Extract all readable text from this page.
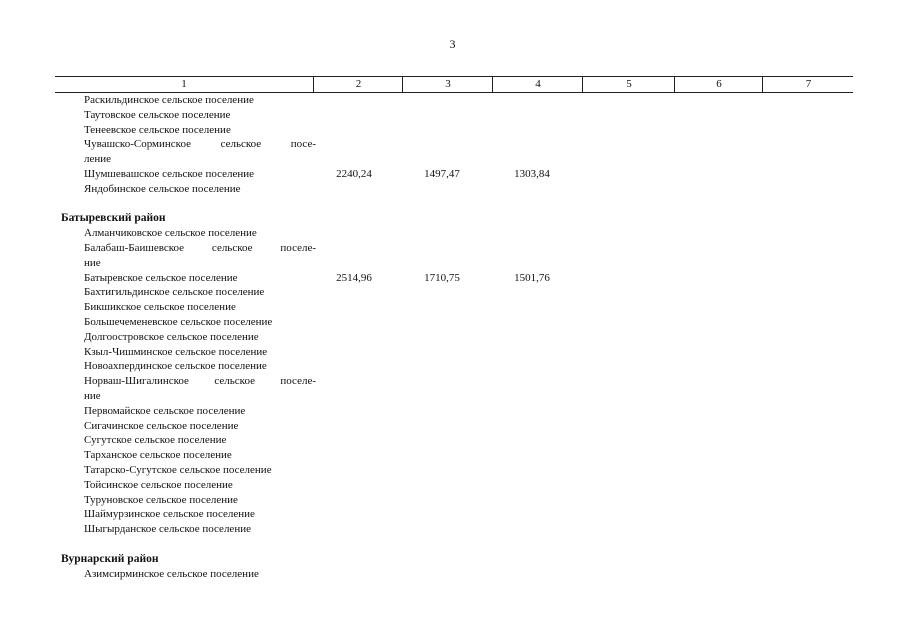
3
1	2	3	4	5	6	7
Раскильдинское сельское поселение
Таутовское сельское поселение
Тенеевское сельское поселение
Чувашско-Сорминское сельское посе-
ление
Шумшевашское сельское поселение	2240,24	1497,47	1303,84
Яндобинское сельское поселение
Батыревский район
Алманчиковское сельское поселение
Балабаш-Баишевское сельское поселе-
ние
Батыревское сельское поселение	2514,96	1710,75	1501,76
Бахтигильдинское сельское поселение
Бикшикское сельское поселение
Большечеменевское сельское поселение
Долгоостровское сельское поселение
Кзыл-Чишминское сельское поселение
Новоахпердинское сельское поселение
Норваш-Шигалинское сельское поселе-
ние
Первомайское сельское поселение
Сигачинское сельское поселение
Сугутское сельское поселение
Тарханское сельское поселение
Татарско-Сугутское сельское поселение
Тойсинское сельское поселение
Туруновское сельское поселение
Шаймурзинское сельское поселение
Шыгырданское сельское поселение
Вурнарский район
Азимсирминское сельское поселение
